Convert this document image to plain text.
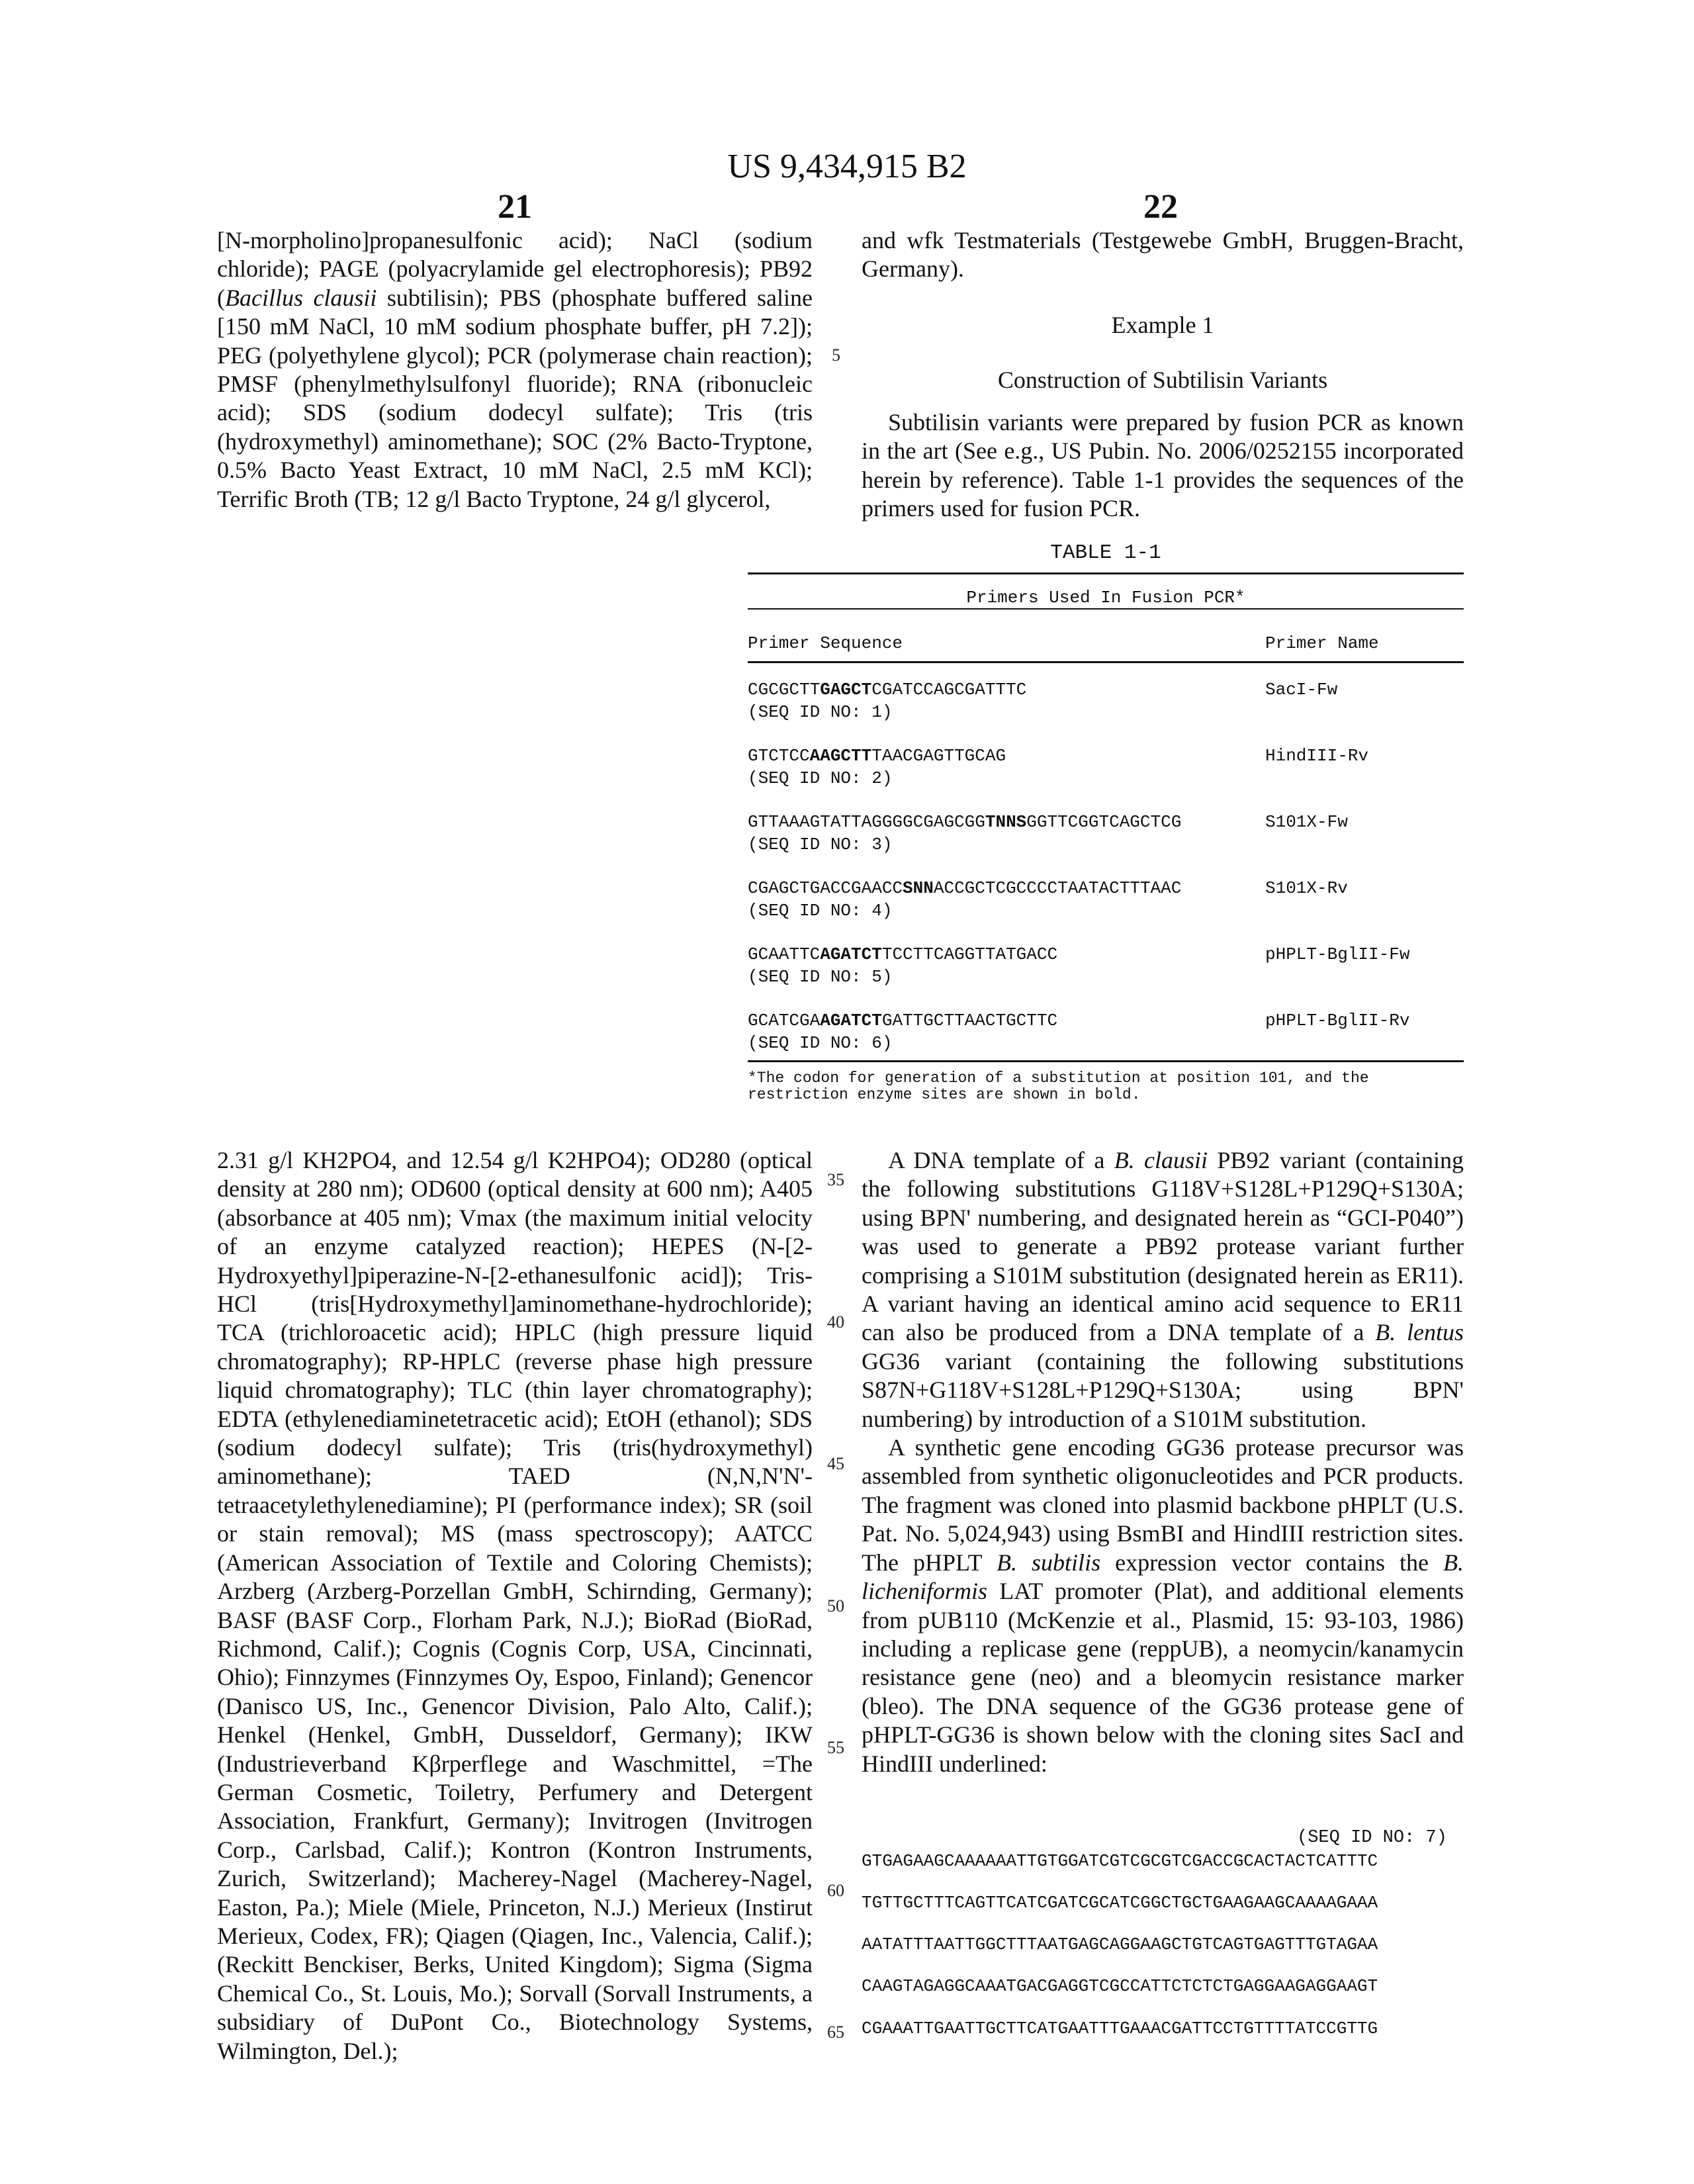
US 9,434,915 B2
21	22

[N-morpholino]propanesulfonic acid); NaCl (sodium chloride); PAGE (polyacrylamide gel electrophoresis); PB92 (Bacillus clausii subtilisin); PBS (phosphate buffered saline [150 mM NaCl, 10 mM sodium phosphate buffer, pH 7.2]); PEG (polyethylene glycol); PCR (polymerase chain reaction); PMSF (phenylmethylsulfonyl fluoride); RNA (ribonucleic acid); SDS (sodium dodecyl sulfate); Tris (tris (hydroxymethyl) aminomethane); SOC (2% Bacto-Tryptone, 0.5% Bacto Yeast Extract, 10 mM NaCl, 2.5 mM KCl); Terrific Broth (TB; 12 g/l Bacto Tryptone, 24 g/l glycerol,

and wfk Testmaterials (Testgewebe GmbH, Bruggen-Bracht, Germany).

Example 1
Construction of Subtilisin Variants

Subtilisin variants were prepared by fusion PCR as known in the art (See e.g., US Pubin. No. 2006/0252155 incorporated herein by reference). Table 1-1 provides the sequences of the primers used for fusion PCR.

TABLE 1-1
Primers Used In Fusion PCR*
Primer Sequence	Primer Name
CGCGCTTGAGCTCGATCCAGCGATTTC
(SEQ ID NO: 1)
SacI-Fw
GTCTCCAAGCTTTAACGAGTTGCAG
(SEQ ID NO: 2)
HindIII-Rv
GTTAAAGTATTAGGGGCGAGCGGTNNSGGTTCGGTCAGCTCG
(SEQ ID NO: 3)
S101X-Fw
CGAGCTGACCGAACCSNNACCGCTCGCCCCTAATACTTTAAC
(SEQ ID NO: 4)
S101X-Rv
GCAATTCAGATCTTCCTTCAGGTTATGACC
(SEQ ID NO: 5)
pHPLT-BglII-Fw
GCATCGAAGATCTGATTGCTTAACTGCTTC
(SEQ ID NO: 6)
pHPLT-BglII-Rv
*The codon for generation of a substitution at position 101, and the
restriction enzyme sites are shown in bold.

2.31 g/l KH2PO4, and 12.54 g/l K2HPO4); OD280 (optical density at 280 nm); OD600 (optical density at 600 nm); A405 (absorbance at 405 nm); Vmax (the maximum initial velocity of an enzyme catalyzed reaction); HEPES (N-[2-Hydroxyethyl]piperazine-N-[2-ethanesulfonic acid]); Tris-HCl (tris[Hydroxymethyl]aminomethane-hydrochloride); TCA (trichloroacetic acid); HPLC (high pressure liquid chromatography); RP-HPLC (reverse phase high pressure liquid chromatography); TLC (thin layer chromatography); EDTA (ethylenediaminetetracetic acid); EtOH (ethanol); SDS (sodium dodecyl sulfate); Tris (tris(hydroxymethyl) aminomethane); TAED (N,N,N'N'-tetraacetylethylenediamine); PI (performance index); SR (soil or stain removal); MS (mass spectroscopy); AATCC (American Association of Textile and Coloring Chemists); Arzberg (Arzberg-Porzellan GmbH, Schirnding, Germany); BASF (BASF Corp., Florham Park, N.J.); BioRad (BioRad, Richmond, Calif.); Cognis (Cognis Corp, USA, Cincinnati, Ohio); Finnzymes (Finnzymes Oy, Espoo, Finland); Genencor (Danisco US, Inc., Genencor Division, Palo Alto, Calif.); Henkel (Henkel, GmbH, Dusseldorf, Germany); IKW (Industrieverband Kβrperflege and Waschmittel, =The German Cosmetic, Toiletry, Perfumery and Detergent Association, Frankfurt, Germany); Invitrogen (Invitrogen Corp., Carlsbad, Calif.); Kontron (Kontron Instruments, Zurich, Switzerland); Macherey-Nagel (Macherey-Nagel, Easton, Pa.); Miele (Miele, Princeton, N.J.) Merieux (Instirut Merieux, Codex, FR); Qiagen (Qiagen, Inc., Valencia, Calif.); (Reckitt Benckiser, Berks, United Kingdom); Sigma (Sigma Chemical Co., St. Louis, Mo.); Sorvall (Sorvall Instruments, a subsidiary of DuPont Co., Biotechnology Systems, Wilmington, Del.);

A DNA template of a B. clausii PB92 variant (containing the following substitutions G118V+S128L+P129Q+S130A; using BPN' numbering, and designated herein as “GCI-P040”) was used to generate a PB92 protease variant further comprising a S101M substitution (designated herein as ER11). A variant having an identical amino acid sequence to ER11 can also be produced from a DNA template of a B. lentus GG36 variant (containing the following substitutions S87N+G118V+S128L+P129Q+S130A; using BPN' numbering) by introduction of a S101M substitution.

A synthetic gene encoding GG36 protease precursor was assembled from synthetic oligonucleotides and PCR products. The fragment was cloned into plasmid backbone pHPLT (U.S. Pat. No. 5,024,943) using BsmBI and HindIII restriction sites. The pHPLT B. subtilis expression vector contains the B. licheniformis LAT promoter (Plat), and additional elements from pUB110 (McKenzie et al., Plasmid, 15: 93-103, 1986) including a replicase gene (reppUB), a neomycin/kanamycin resistance gene (neo) and a bleomycin resistance marker (bleo). The DNA sequence of the GG36 protease gene of pHPLT-GG36 is shown below with the cloning sites SacI and HindIII underlined:

(SEQ ID NO: 7)
GTGAGAAGCAAAAAATTGTGGATCGTCGCGTCGACCGCACTACTCATTTC
TGTTGCTTTCAGTTCATCGATCGCATCGGCTGCTGAAGAAGCAAAAGAAA
AATATTTAATTGGCTTTAATGAGCAGGAAGCTGTCAGTGAGTTTGTAGAA
CAAGTAGAGGCAAATGACGAGGTCGCCATTCTCTCTGAGGAAGAGGAAGT
CGAAATTGAATTGCTTCATGAATTTGAAACGATTCCTGTTTTATCCGTTG
5
35
40
45
50
55
60
65
